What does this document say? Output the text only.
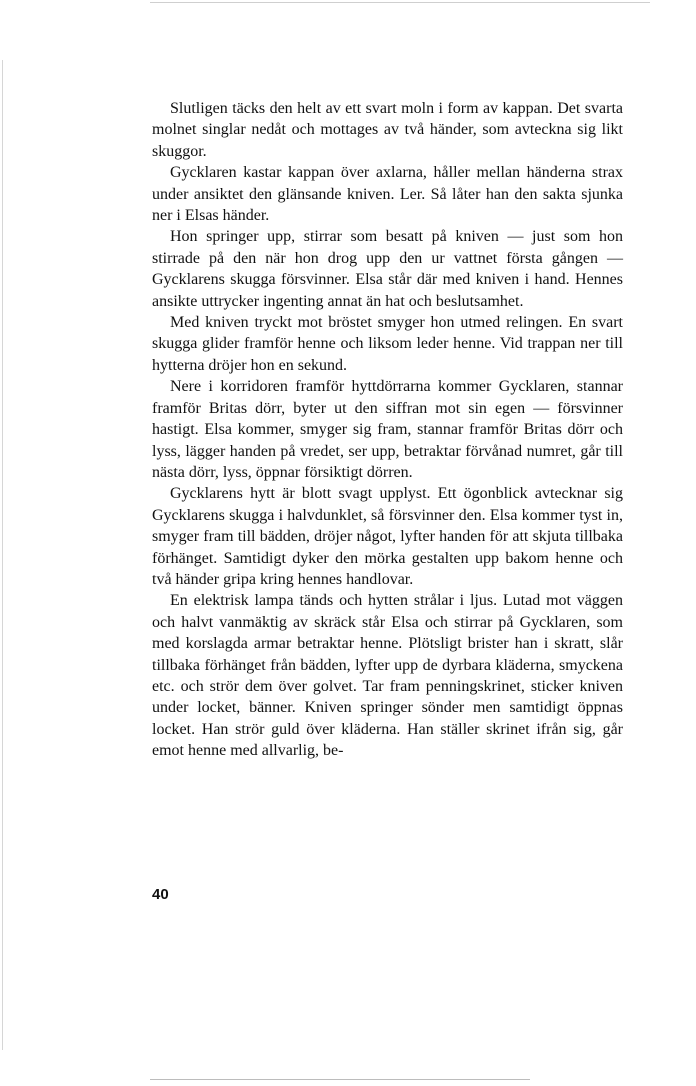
Slutligen täcks den helt av ett svart moln i form av kappan. Det svarta molnet singlar nedåt och mottages av två händer, som avteckna sig likt skuggor.

Gycklaren kastar kappan över axlarna, håller mellan händerna strax under ansiktet den glänsande kniven. Ler. Så låter han den sakta sjunka ner i Elsas händer.

Hon springer upp, stirrar som besatt på kniven — just som hon stirrade på den när hon drog upp den ur vattnet första gången — Gycklarens skugga försvinner. Elsa står där med kniven i hand. Hennes ansikte uttrycker ingenting annat än hat och beslutsamhet.

Med kniven tryckt mot bröstet smyger hon utmed relingen. En svart skugga glider framför henne och liksom leder henne. Vid trappan ner till hytterna dröjer hon en sekund.

Nere i korridoren framför hyttdörrarna kommer Gycklaren, stannar framför Britas dörr, byter ut den siffran mot sin egen — försvinner hastigt. Elsa kommer, smyger sig fram, stannar framför Britas dörr och lyss, lägger handen på vredet, ser upp, betraktar förvånad numret, går till nästa dörr, lyss, öppnar försiktigt dörren.

Gycklarens hytt är blott svagt upplyst. Ett ögonblick avtecknar sig Gycklarens skugga i halvdunklet, så försvinner den. Elsa kommer tyst in, smyger fram till bädden, dröjer något, lyfter handen för att skjuta tillbaka förhänget. Samtidigt dyker den mörka gestalten upp bakom henne och två händer gripa kring hennes handlovar.

En elektrisk lampa tänds och hytten strålar i ljus. Lutad mot väggen och halvt vanmäktig av skräck står Elsa och stirrar på Gycklaren, som med korslagda armar betraktar henne. Plötsligt brister han i skratt, slår tillbaka förhänget från bädden, lyfter upp de dyrbara kläderna, smyckena etc. och strör dem över golvet. Tar fram penningskrinet, sticker kniven under locket, bänner. Kniven springer sönder men samtidigt öppnas locket. Han strör guld över kläderna. Han ställer skrinet ifrån sig, går emot henne med allvarlig, be-

40
